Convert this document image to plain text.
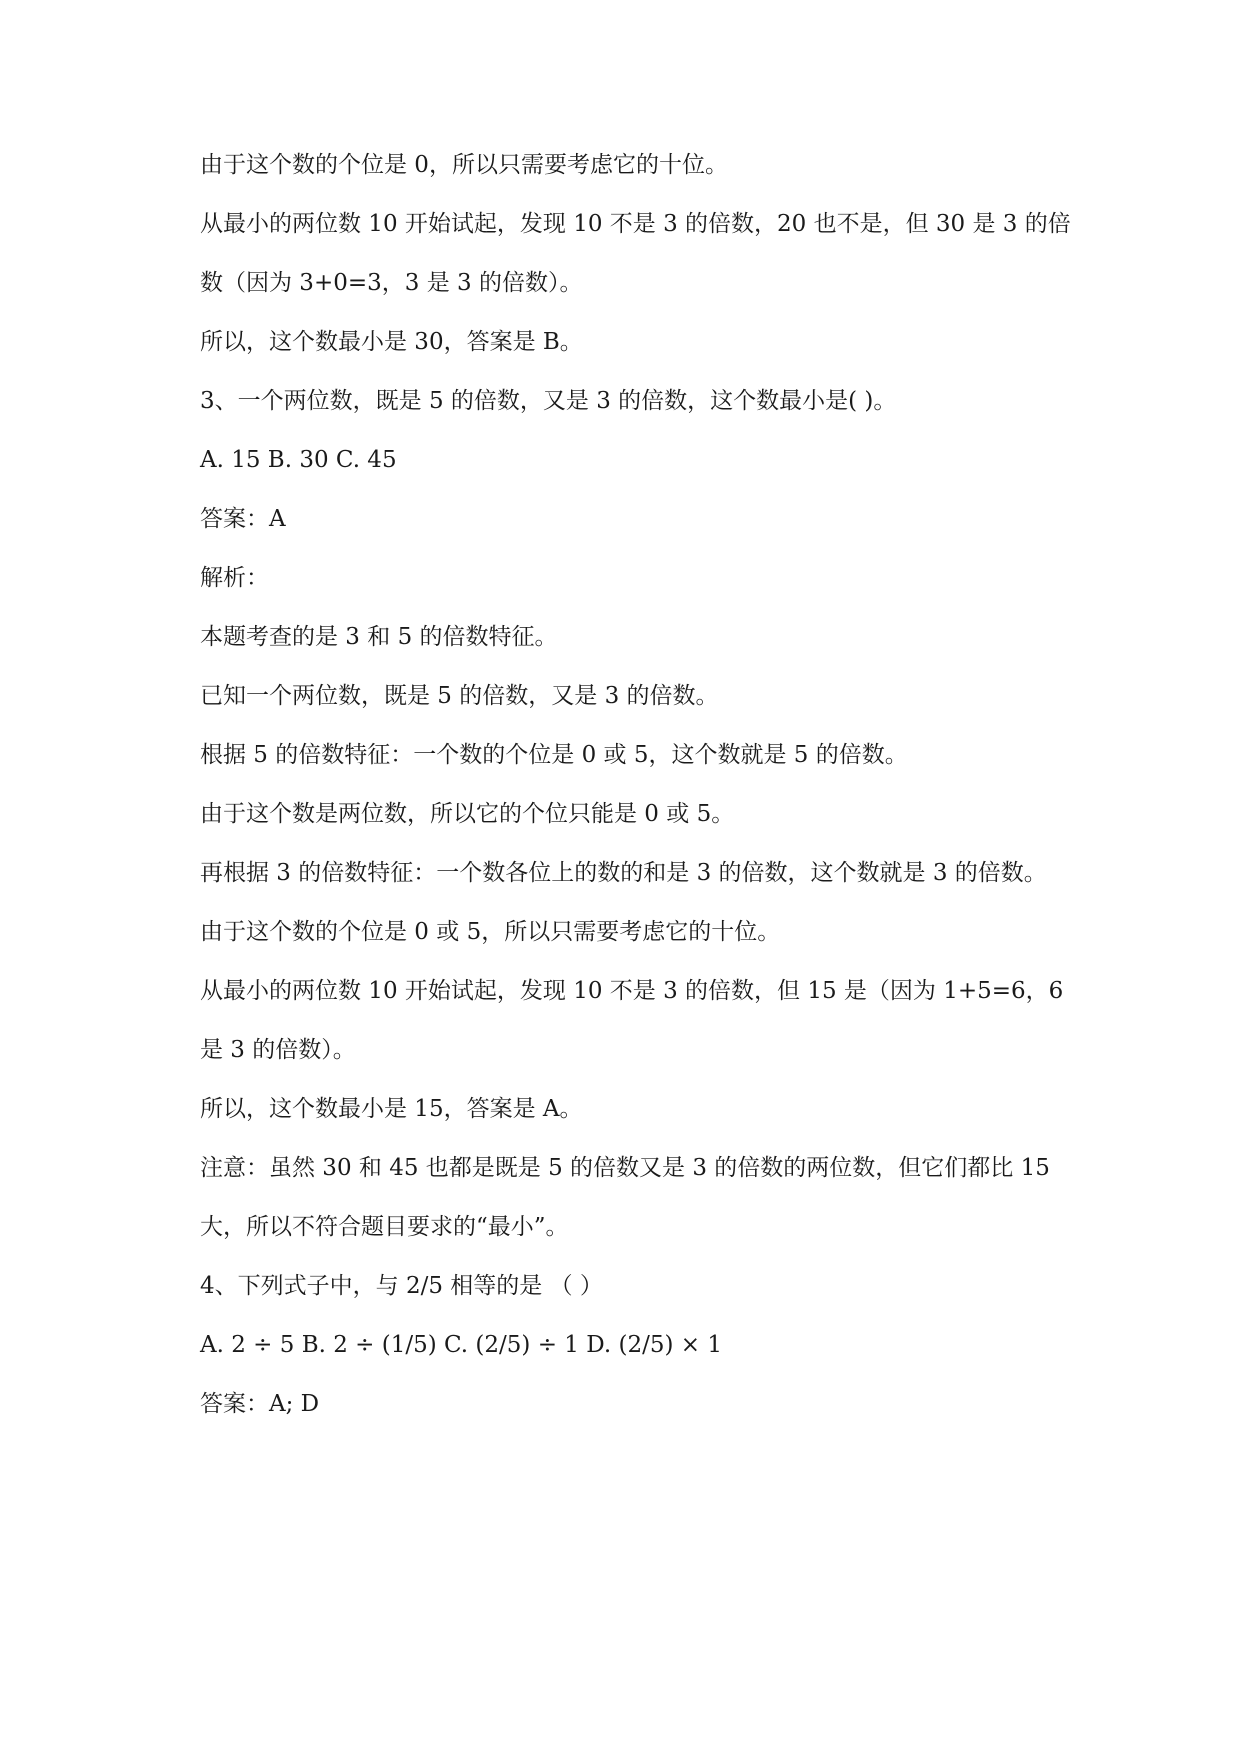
由于这个数的个位是 0，所以只需要考虑它的十位。
从最小的两位数 10 开始试起，发现 10 不是 3 的倍数，20 也不是，但 30 是 3 的倍
数（因为 3+0=3，3 是 3 的倍数）。
所以，这个数最小是 30，答案是 B。
3、一个两位数，既是 5 的倍数，又是 3 的倍数，这个数最小是( )。
A. 15 B. 30 C. 45
答案：A
解析：
本题考查的是 3 和 5 的倍数特征。
已知一个两位数，既是 5 的倍数，又是 3 的倍数。
根据 5 的倍数特征：一个数的个位是 0 或 5，这个数就是 5 的倍数。
由于这个数是两位数，所以它的个位只能是 0 或 5。
再根据 3 的倍数特征：一个数各位上的数的和是 3 的倍数，这个数就是 3 的倍数。
由于这个数的个位是 0 或 5，所以只需要考虑它的十位。
从最小的两位数 10 开始试起，发现 10 不是 3 的倍数，但 15 是（因为 1+5=6，6
是 3 的倍数）。
所以，这个数最小是 15，答案是 A。
注意：虽然 30 和 45 也都是既是 5 的倍数又是 3 的倍数的两位数，但它们都比 15
大，所以不符合题目要求的“最小”。
4、下列式子中，与 2/5 相等的是 （ ）
A. 2 ÷ 5 B. 2 ÷ (1/5) C. (2/5) ÷ 1 D. (2/5) × 1
答案：A; D
